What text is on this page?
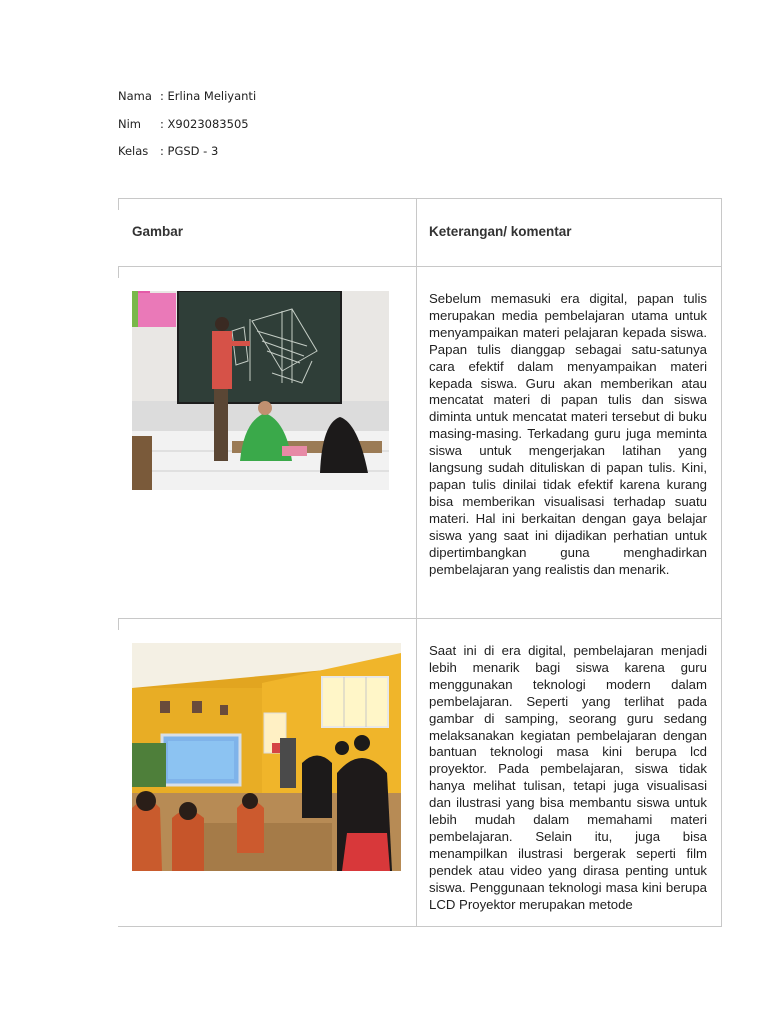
Nama : Erlina Meliyanti
Nim : X9023083505
Kelas : PGSD - 3
Gambar	Keterangan/ komentar
Sebelum memasuki era digital, papan tulis merupakan media pembelajaran utama untuk menyampaikan materi pelajaran kepada siswa. Papan tulis dianggap sebagai satu-satunya cara efektif dalam menyampaikan materi kepada siswa. Guru akan memberikan atau mencatat materi di papan tulis dan siswa diminta untuk mencatat materi tersebut di buku masing-masing. Terkadang guru juga meminta siswa untuk mengerjakan latihan yang langsung sudah dituliskan di papan tulis. Kini, papan tulis dinilai tidak efektif karena kurang bisa memberikan visualisasi terhadap suatu materi. Hal ini berkaitan dengan gaya belajar siswa yang saat ini dijadikan perhatian untuk dipertimbangkan guna menghadirkan pembelajaran yang realistis dan menarik.
Saat ini di era digital, pembelajaran menjadi lebih menarik bagi siswa karena guru menggunakan teknologi modern dalam pembelajaran. Seperti yang terlihat pada gambar di samping, seorang guru sedang melaksanakan kegiatan pembelajaran dengan bantuan teknologi masa kini berupa lcd proyektor. Pada pembelajaran, siswa tidak hanya melihat tulisan, tetapi juga visualisasi dan ilustrasi yang bisa membantu siswa untuk lebih mudah dalam memahami materi pembelajaran. Selain itu, juga bisa menampilkan ilustrasi bergerak seperti film pendek atau video yang dirasa penting untuk siswa. Penggunaan teknologi masa kini berupa LCD Proyektor merupakan metode
